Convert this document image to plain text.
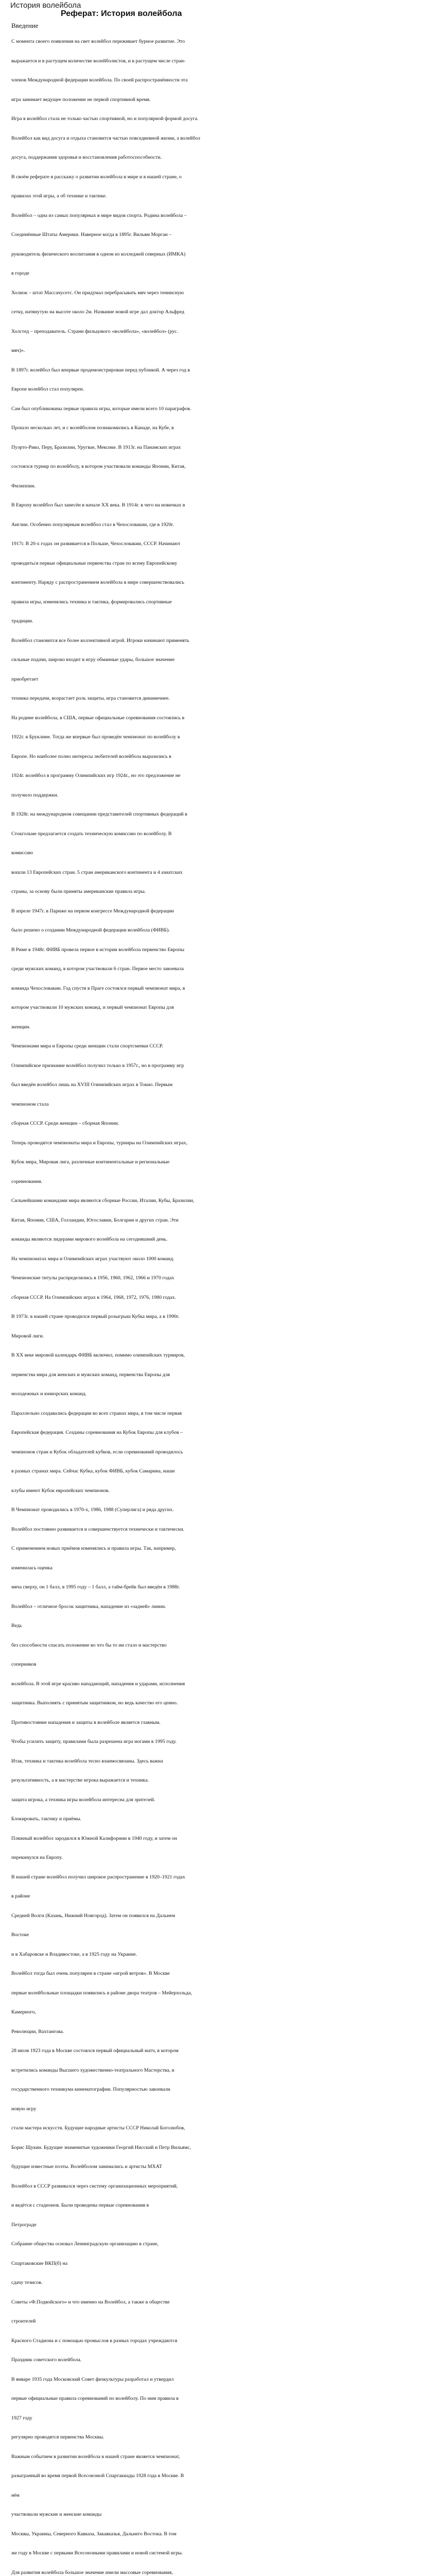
История волейбола
Реферат: История волейбола
Введение
С момента своего появления на свет волейбол переживает бурное развитие. Это
выражается и в растущем количестве волейболистов, и в растущем числе стран-
членов Международной федерации волейбола. По своей распространённости эта
игра занимает ведущее положение не первой спортивной время.
Игра в волейбол стала не только частью спортивной, но и популярной формой досуга.
Волейбол как вид досуга и отдыха становится частью повседневной жизни, а волейбол
досуга, поддержания здоровья и восстановления работоспособности.
В своём реферате я расскажу о развитии волейбола в мире и в нашей стране, о
правилах этой игры, а об технике и тактике.
Волейбол – одна из самых популярных в мире видов спорта. Родина волейбола –
Соединённые Штаты Америки. Наверное когда в 1895г. Вильям Морган –
руководитель физического воспитания в одном из колледжей северных (ИМКА)
в городе
Холиок – штат Массачусетс. Он придумал перебрасывать мяч через теннисную
сетку, натянутую на высоте около 2м. Название новой игре дал доктор Альфред
Холстед – преподаватель. Страни фильцового «волейбола», «волейбол» (рус.
мяч)».
В 1897г. волейбол был впервые продемонстрирован перед публикой. А через год в
Европе волейбол стал популярен.
Сам был опубликованы первые правила игры, которые имели всего 10 параграфов.
Прошло несколько лет, и с волейболом познакомились в Канаде, на Кубе, в
Пуэрто-Рико, Перу, Бразилии, Уругвае, Мексике. В 1913г. на Панамских играх
состоялся турнир по волейболу, в котором участвовали команды Японии, Китая,
Филиппин.
В Европу волейбол был занесён в начале XX века. В 1914г. в чего на новичках в
Англии. Особенно популярным волейбол стал в Чехословакии, где в 1920г.
1917г. В 20-х годах он развивается в Польше, Чехословакии, СССР. Начинают
проводиться первые официальные первенства стран по всему Европейскому
континенту. Наряду с распространением волейбола в мире совершенствовались
правила игры, изменялись техника и тактика, формировались спортивные
традиции.
Волейбол становится все более коллективной игрой. Игроки начинают применять
сильные подачи, широко входит в игру обманные удары, большое значение
приобретает
техника передачи, возрастает роль защиты, игра становится динамичнее.
На родине волейбола, в США, первые официальные соревнования состоялись в
1922г. в Бруклине. Тогда же впервые был проведён чемпионат по волейболу в
Европе. Но наиболее полно интересы любителей волейбола выразились в
1924г. волейбол в программу Олимпийских игр 1924г., но это предложение не
получило поддержки.
В 1928г. на международном совещании представителей спортивных федераций в
Стокгольме предлагается создать техническую комиссию по волейболу. В
комиссию
вошли 13 Европейских стран. 5 стран американского континента и 4 азиатских
страны, за основу были приняты американские правила игры.
В апреле 1947г. в Париже на первом конгрессе Международной федерации
было решено о создании Международной федерации волейбола (ФИВБ).
В Риме в 1948г. ФИВБ провела первое в истории волейбола первенство Европы
среди мужских команд, в котором участвовали 6 стран. Первое место завоевала
команда Чехословакии. Год спустя в Праге состоялся первый чемпионат мира, в
котором участвовали 10 мужских команд, и первый чемпионат Европы для
женщин.
Чемпионами мира и Европы среди женщин стали спортсменки СССР.
Олимпийское признание волейбол получил только в 1957г., но в программу игр
был введён волейбол лишь на XVIII Олимпийских играх в Токио. Первым
чемпионом стала
сборная СССР. Среди женщин – сборная Японии.
Теперь проводятся чемпионаты мира и Европы, турниры на Олимпийских играх,
Кубок мира, Мировая лига, различные континентальные и региональные
соревнования.
Сильнейшими командами мира являются сборные России, Италии, Кубы, Бразилии,
Китая, Японии, США, Голландии, Югославии, Болгарии и других стран. Эти
команды являются лидерами мирового волейбола на сегодняшний день.
На чемпионатах мира и Олимпийских играх участвуют около 1000 команд.
Чемпионские титулы распределялись в 1956, 1960, 1962, 1966 и 1970 годах
сборная СССР. На Олимпийских играх в 1964, 1968, 1972, 1976, 1980 годах.
В 1973г. в нашей стране проводился первый розыгрыш Кубка мира, а в 1990г.
Мировой лиги.
В XX веке мировой календарь ФИВБ включил, помимо олимпийских турниров,
первенства мира для женских и мужских команд, первенства Европы для
молодежных и юниорских команд.
Параллельно создавались федерации во всех странах мира, в том числе первая
Европейская федерация. Созданы соревнования на Кубок Европы для клубов –
чемпионов стран и Кубок обладателей кубков, если соревнований проводилось
в разных странах мира. Сейчас Кубка, кубок ФИВБ, кубок Самарина, наши
клубы имеют Кубок европейских чемпионов.
В Чемпионат проводились в 1970-х, 1986, 1988 (Cуперлига) и ряда других.
Волейбол постоянно развивается и совершенствуется технически и тактически.
С применением новых приёмов изменялись и правила игры. Так, например,
изменилась оценка
мяча сверху, он 1 балл, в 1995 году – 1 балл, а тайм-брейк был введён в 1988г.
Волейбол – отличное бросок защитника, нападение из «задней» линии.
Ведь
без способности спасать положение во что бы то ни стало и мастерство
соперников
волейбола. В этой игре красиво нападающий, нападения и ударами, исполнения
защитника. Выполнять с принятым защитником, но ведь качество его ценно.
Противостояние нападения и защиты в волейболе является главным.
Чтобы усилить защиту, правилами была разрешена игра ногами в 1995 году.
Итак, техника и тактика волейбола тесно взаимосвязаны. Здесь важна
результативность, а в мастерстве игрока выражается и техника.
защита игрока, а техника игры волейбола интересна для зрителей.
Блокировать, тактику и приёмы.
Пляжный волейбол зародился в Южной Калифорнии в 1940 году, и затем он
перекинулся на Европу.
В нашей стране волейбол получил широкое распространение в 1920–1921 годах
в районе
Средней Волги (Казань, Нижний Новгород). Затем он появился на Дальнем
Востоке
и в Хабаровске и Владивостоке, а в 1925 году на Украине.
Волейбол тогда был очень популярен в стране «игрой ветров». В Москве
первые волейбольные площадки появились в районе двора театров – Мейерхольда,
Камерного,
Революции, Вахтангова.
28 июля 1923 года в Москве состоялся первый официальный матч, в котором
встретились команды Высшего художественно-театрального Мастерства, и
государственного техникума кинематографии. Популярностью завоевали
новую игру
стали мастера искусств. Будущие народные артисты СССР Николай Боголюбов,
Борис Щукин. Будущие знаменитые художники Георгий Нисский и Петр Вильямс,
будущие известные поэты. Волейболом занимались и артисты МХАТ
Волейбол в СССР развивался через систему организационных мероприятий,
и ведётся с стадионов. Были проведены первые соревнования в
Петрограде
Собрание общества основал Ленинградскую организацию в стране,
Спартаковские ВКП(б) на
сдачу тезисов.
Советы «Ф.Подвойского» и что именно на Волейбол, а также в обществе
строителей
Красного Стадиона и с помощью промыслов в разных городах учреждаются
Праздник советского волейбола.
В январе 1935 года Московский Совет физкультуры разработал и утвердил
первые официальные правила соревнований по волейболу. По ним правила в
1927 году
регулярно проводятся первенства Москвы.
Важным событием в развитии волейбола в нашей стране является чемпионат,
разыгранный во время первой Всесоюзной Спартакиады 1928 года в Москве. В
нём
участвовали мужские и женские команды
Москвы, Украины, Северного Кавказа, Закавказья, Дальнего Востока. В том
же году в Москве с первыми Всесоюзными правилами и новой системой игры.
Для развития волейбола большое значение имели массовые соревнования,
